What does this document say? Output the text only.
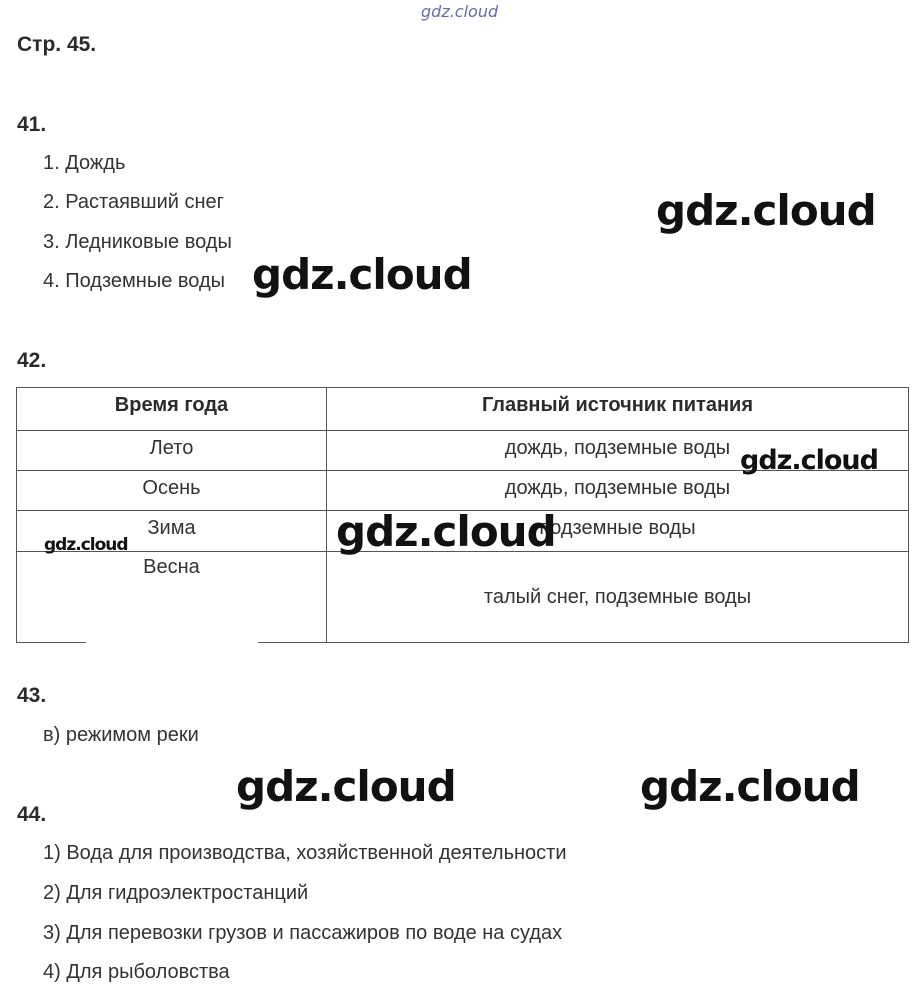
gdz.cloud
Стр. 45.
41.
1. Дождь
2. Растаявший снег
3. Ледниковые воды
4. Подземные воды
42.
Время года	Главный источник питания
Лето	дождь, подземные воды
Осень	дождь, подземные воды
Зима	подземные воды
Весна	талый снег, подземные воды
43.
в) режимом реки
44.
1) Вода для производства, хозяйственной деятельности
2) Для гидроэлектростанций
3) Для перевозки грузов и пассажиров по воде на судах
4) Для рыболовства
gdz.cloud
gdz.cloud
gdz.cloud
gdz.cloud
gdz.cloud
gdz.cloud	gdz.cloud
